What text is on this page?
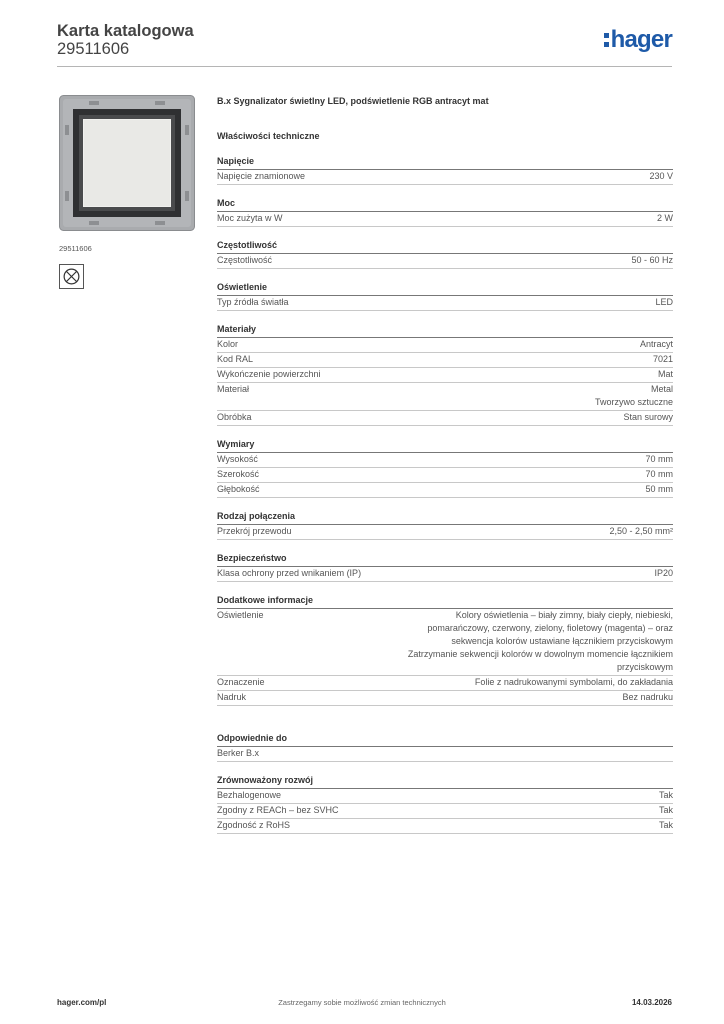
Karta katalogowa
29511606	hager
29511606
B.x Sygnalizator świetlny LED, podświetlenie RGB antracyt mat
Właściwości techniczne
Napięcie
Napięcie znamionowe	230 V
Moc
Moc zużyta w W	2 W
Częstotliwość
Częstotliwość	50 - 60 Hz
Oświetlenie
Typ źródła światła	LED
Materiały
Kolor	Antracyt
Kod RAL	7021
Wykończenie powierzchni	Mat
Materiał	Metal
Tworzywo sztuczne
Obróbka	Stan surowy
Wymiary
Wysokość	70 mm
Szerokość	70 mm
Głębokość	50 mm
Rodzaj połączenia
Przekrój przewodu	2,50 - 2,50 mm²
Bezpieczeństwo
Klasa ochrony przed wnikaniem (IP)	IP20
Dodatkowe informacje
Oświetlenie	Kolory oświetlenia – biały zimny, biały ciepły, niebieski,
pomarańczowy, czerwony, zielony, fioletowy (magenta) – oraz
sekwencja kolorów ustawiane łącznikiem przyciskowym
Zatrzymanie sekwencji kolorów w dowolnym momencie łącznikiem
przyciskowym
Oznaczenie	Folie z nadrukowanymi symbolami, do zakładania
Nadruk	Bez nadruku
Odpowiednie do
Berker B.x
Zrównoważony rozwój
Bezhalogenowe	Tak
Zgodny z REACh – bez SVHC	Tak
Zgodność z RoHS	Tak
hager.com/pl	Zastrzegamy sobie możliwość zmian technicznych	14.03.2026
